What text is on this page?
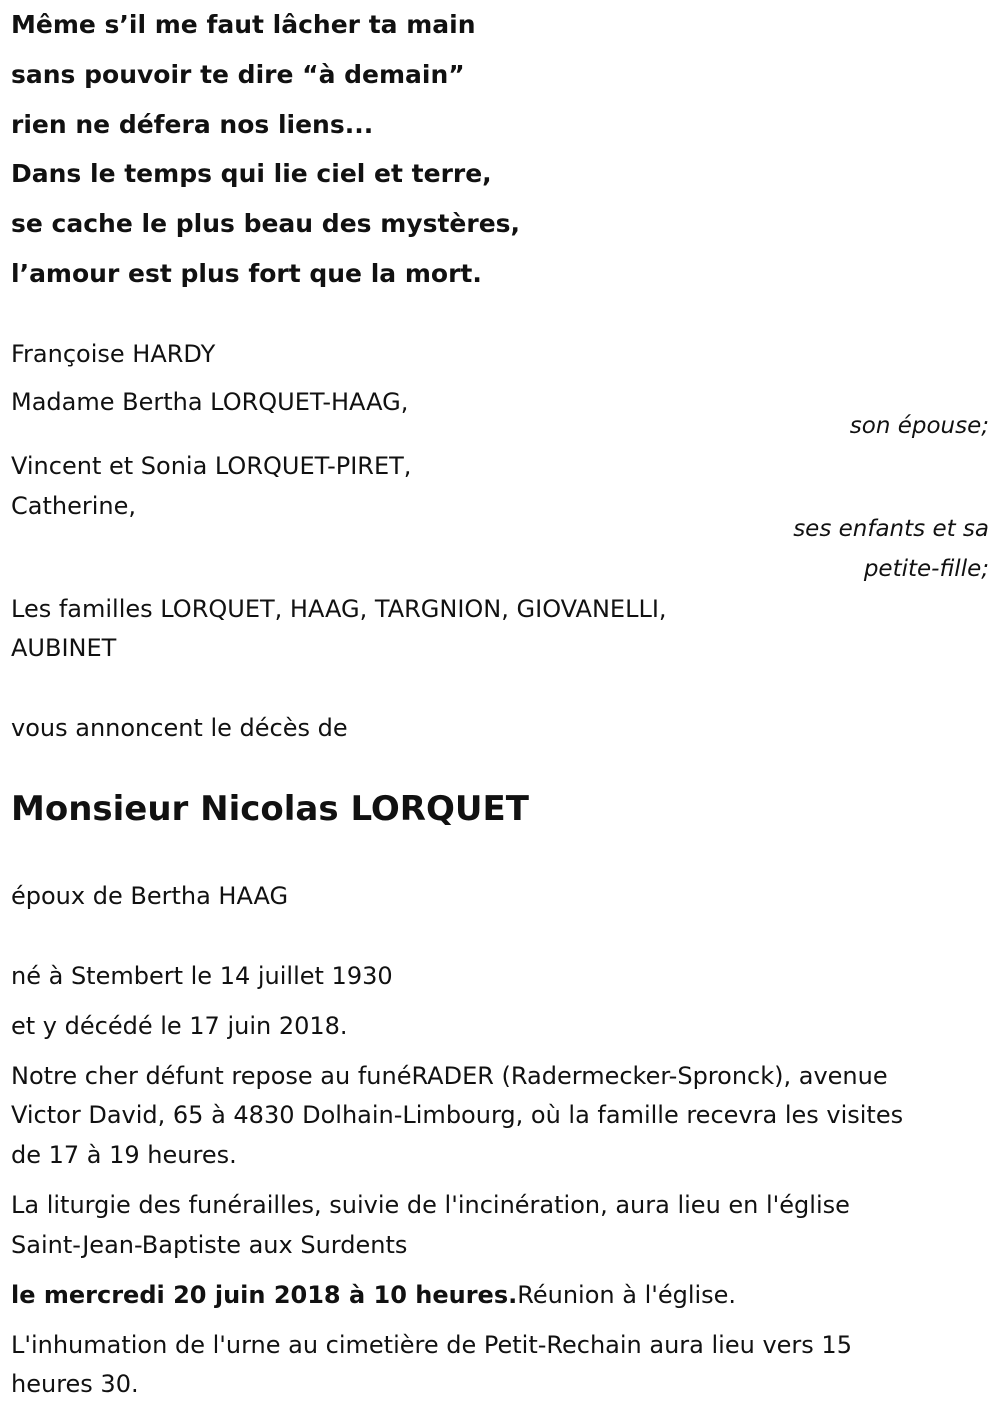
Même s’il me faut lâcher ta main
sans pouvoir te dire “à demain”
rien ne défera nos liens...
Dans le temps qui lie ciel et terre,
se cache le plus beau des mystères,
l’amour est plus fort que la mort.
Françoise HARDY
Madame Bertha LORQUET-HAAG,
son épouse;
Vincent et Sonia LORQUET-PIRET,
Catherine,
ses enfants et sa
petite-fille;
Les familles LORQUET, HAAG, TARGNION, GIOVANELLI,
AUBINET
vous annoncent le décès de
Monsieur Nicolas LORQUET
époux de Bertha HAAG
né à Stembert le 14 juillet 1930
et y décédé le 17 juin 2018.
Notre cher défunt repose au funéRADER (Radermecker-Spronck), avenue
Victor David, 65 à 4830 Dolhain-Limbourg, où la famille recevra les visites
de 17 à 19 heures.
La liturgie des funérailles, suivie de l'incinération, aura lieu en l'église
Saint-Jean-Baptiste aux Surdents
le mercredi 20 juin 2018 à 10 heures.Réunion à l'église.
L'inhumation de l'urne au cimetière de Petit-Rechain aura lieu vers 15
heures 30.
